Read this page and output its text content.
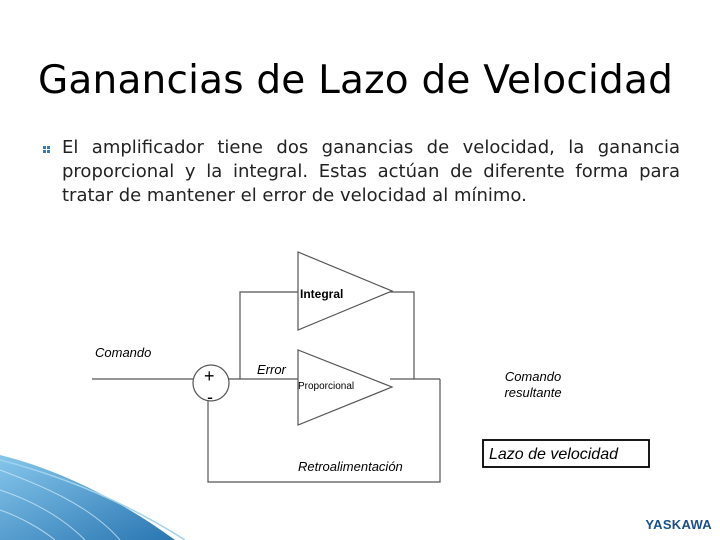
Ganancias de Lazo de Velocidad
El amplificador tiene dos ganancias de velocidad, la ganancia proporcional y la integral. Estas actúan de diferente forma para tratar de mantener el error de velocidad al mínimo.
Integral
Comando
+
-
Error
Proporcional
Comando
resultante
Retroalimentación
Lazo de velocidad
YASKAWA
